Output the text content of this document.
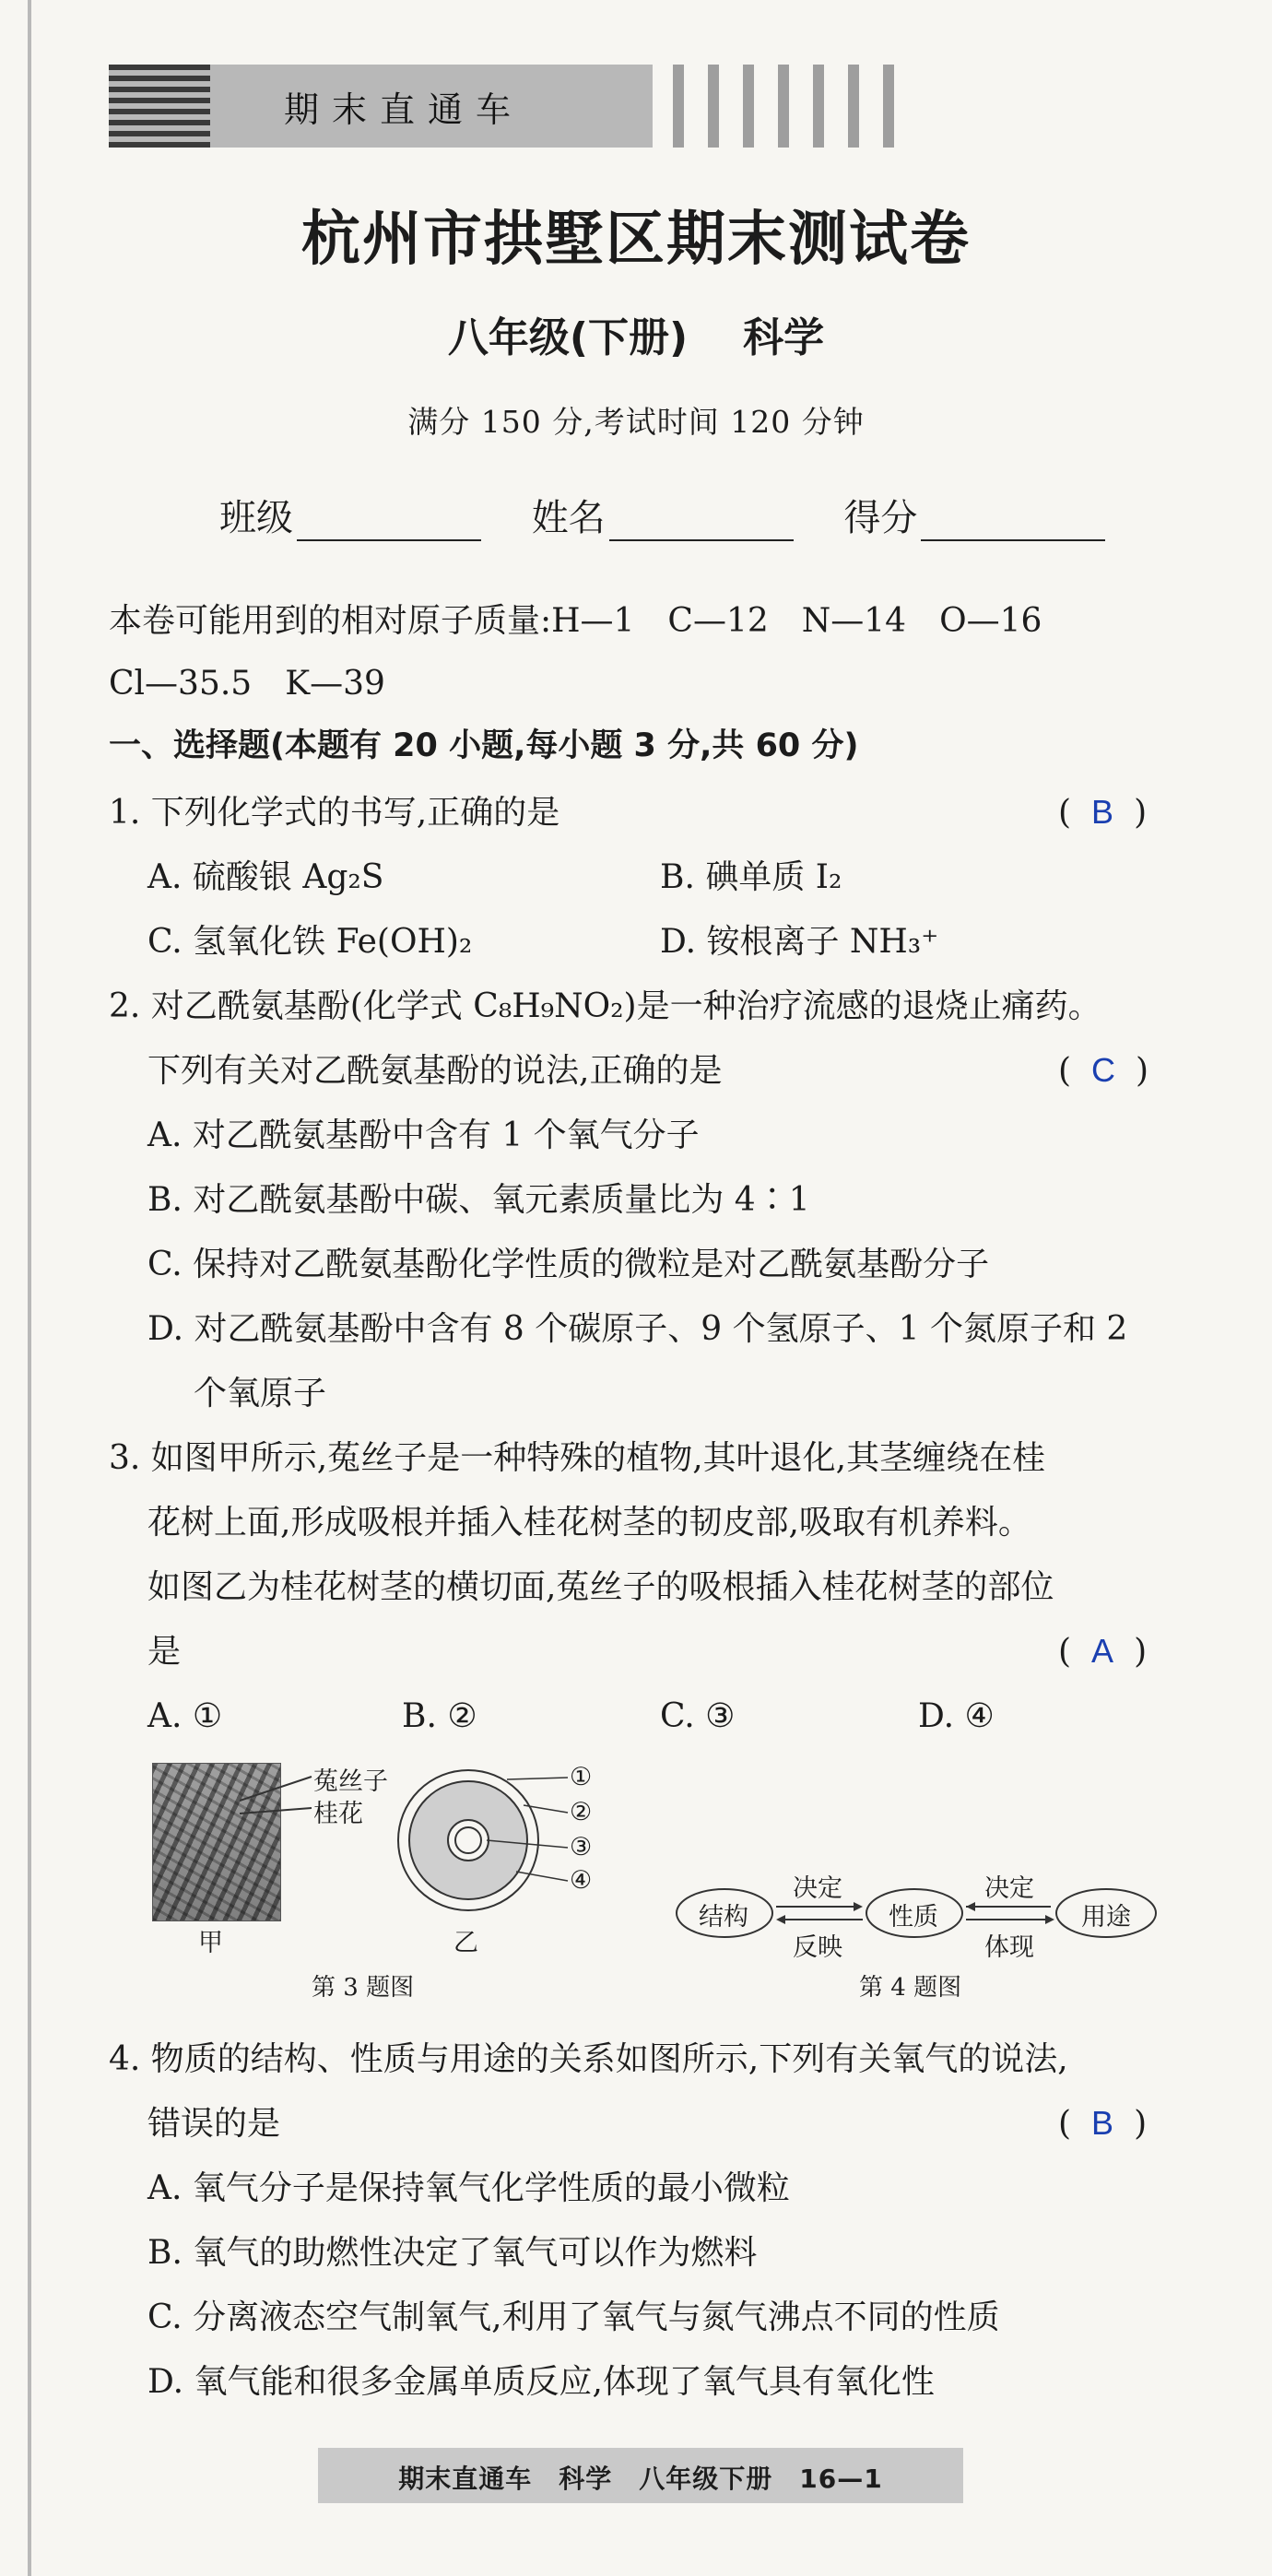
期末直通车
杭州市拱墅区期末测试卷
八年级(下册) 科学
满分 150 分,考试时间 120 分钟
班级	姓名	得分
本卷可能用到的相对原子质量:H—1　C—12　N—14　O—16
Cl—35.5　K—39
一、选择题(本题有 20 小题,每小题 3 分,共 60 分)
1. 下列化学式的书写,正确的是	( B )
A. 硫酸银 Ag₂S	B. 碘单质 I₂
C. 氢氧化铁 Fe(OH)₂	D. 铵根离子 NH₃⁺
2. 对乙酰氨基酚(化学式 C₈H₉NO₂)是一种治疗流感的退烧止痛药。
下列有关对乙酰氨基酚的说法,正确的是	( C )
A. 对乙酰氨基酚中含有 1 个氧气分子
B. 对乙酰氨基酚中碳、氧元素质量比为 4∶1
C. 保持对乙酰氨基酚化学性质的微粒是对乙酰氨基酚分子
D. 对乙酰氨基酚中含有 8 个碳原子、9 个氢原子、1 个氮原子和 2
个氧原子
3. 如图甲所示,菟丝子是一种特殊的植物,其叶退化,其茎缠绕在桂
花树上面,形成吸根并插入桂花树茎的韧皮部,吸取有机养料。
如图乙为桂花树茎的横切面,菟丝子的吸根插入桂花树茎的部位
是	( A )
A. ①	B. ②	C. ③	D. ④
菟丝子
桂花
甲
①
②
③
④
乙
第 3 题图
结构	性质	用途
决定
反映
决定
体现
第 4 题图
4. 物质的结构、性质与用途的关系如图所示,下列有关氧气的说法,
错误的是	( B )
A. 氧气分子是保持氧气化学性质的最小微粒
B. 氧气的助燃性决定了氧气可以作为燃料
C. 分离液态空气制氧气,利用了氧气与氮气沸点不同的性质
D. 氧气能和很多金属单质反应,体现了氧气具有氧化性
期末直通车　科学　八年级下册　16—1
